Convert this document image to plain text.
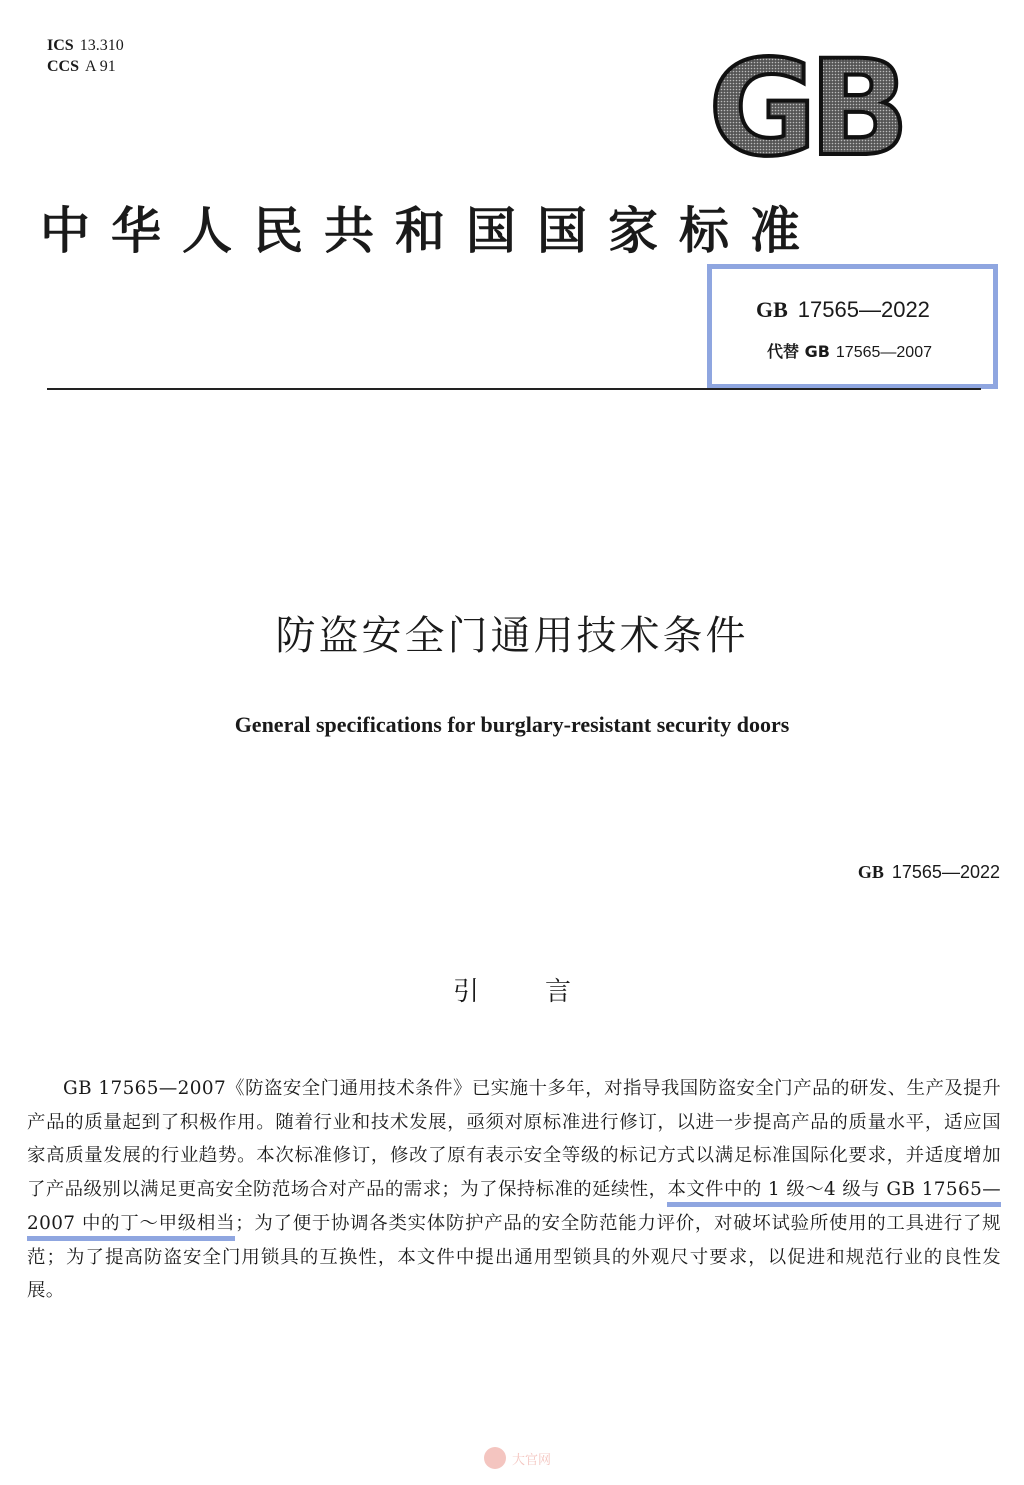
ICS 13.310
CCS A 91	GB
中华人民共和国国家标准
GB 17565—2022
代替 GB 17565—2007
防盗安全门通用技术条件
General specifications for burglary-resistant security doors
GB 17565—2022
引言
GB 17565—2007《防盗安全门通用技术条件》已实施十多年，对指导我国防盗安全门产品的研发、生产及提升产品的质量起到了积极作用。随着行业和技术发展，亟须对原标准进行修订，以进一步提高产品的质量水平，适应国家高质量发展的行业趋势。本次标准修订，修改了原有表示安全等级的标记方式以满足标准国际化要求，并适度增加了产品级别以满足更高安全防范场合对产品的需求；为了保持标准的延续性，本文件中的 1 级～4 级与 GB 17565—2007 中的丁～甲级相当；为了便于协调各类实体防护产品的安全防范能力评价，对破坏试验所使用的工具进行了规范；为了提高防盗安全门用锁具的互换性，本文件中提出通用型锁具的外观尺寸要求，以促进和规范行业的良性发展。
大官网
